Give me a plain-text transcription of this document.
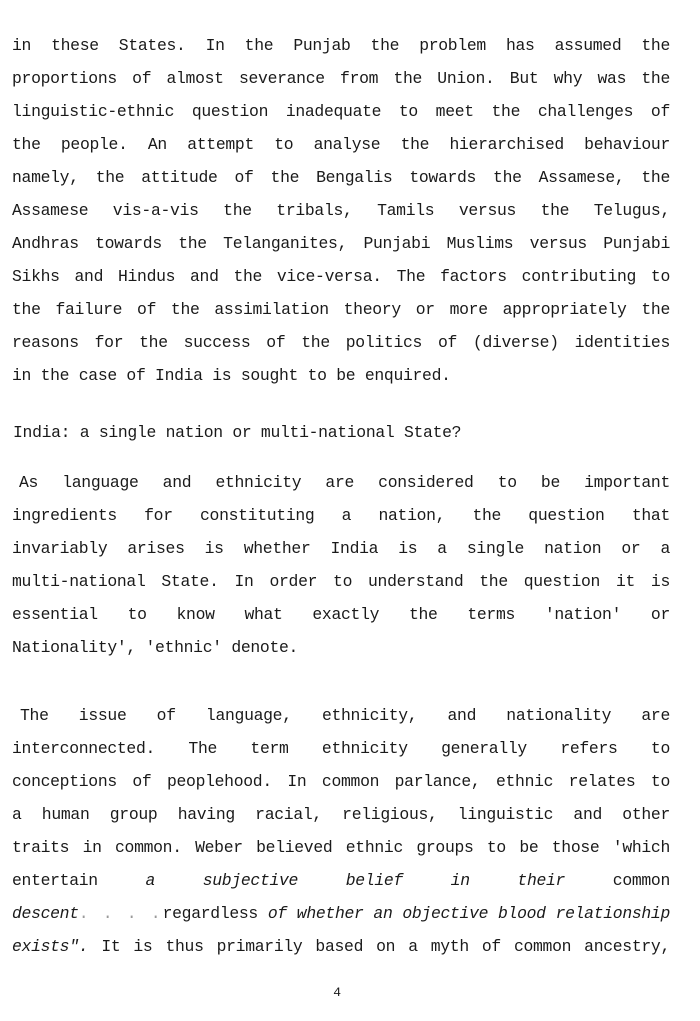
in these States. In the Punjab the problem has assumed the
proportions of almost severance from the Union. But why was the
linguistic-ethnic question inadequate to meet the challenges of
the people. An attempt to analyse the hierarchised behaviour
namely, the attitude of the Bengalis towards the Assamese, the
Assamese vis-a-vis the tribals, Tamils versus the Telugus,
Andhras towards the Telanganites, Punjabi Muslims versus Punjabi
Sikhs and Hindus and the vice-versa. The factors contributing to
the failure of the assimilation theory or more appropriately the
reasons for the success of the politics of (diverse) identities
in the case of India is sought to be enquired.
India: a single nation or multi-national State?
As language and ethnicity are considered to be important
ingredients for constituting a nation, the question that
invariably arises is whether India is a single nation or a
multi-national State. In order to understand the question it is
essential to know what exactly the terms 'nation' or
Nationality', 'ethnic' denote.
The issue of language, ethnicity, and nationality are
interconnected. The term ethnicity generally refers to
conceptions of peoplehood. In common parlance, ethnic relates to
a human group having racial, religious, linguistic and other
traits in common. Weber believed ethnic groups to be those 'which
entertain	a subjective belief in their	common
descent. . . .regardless of whether an objective blood relationship
exists". It is thus primarily based on a myth of common ancestry,
4
